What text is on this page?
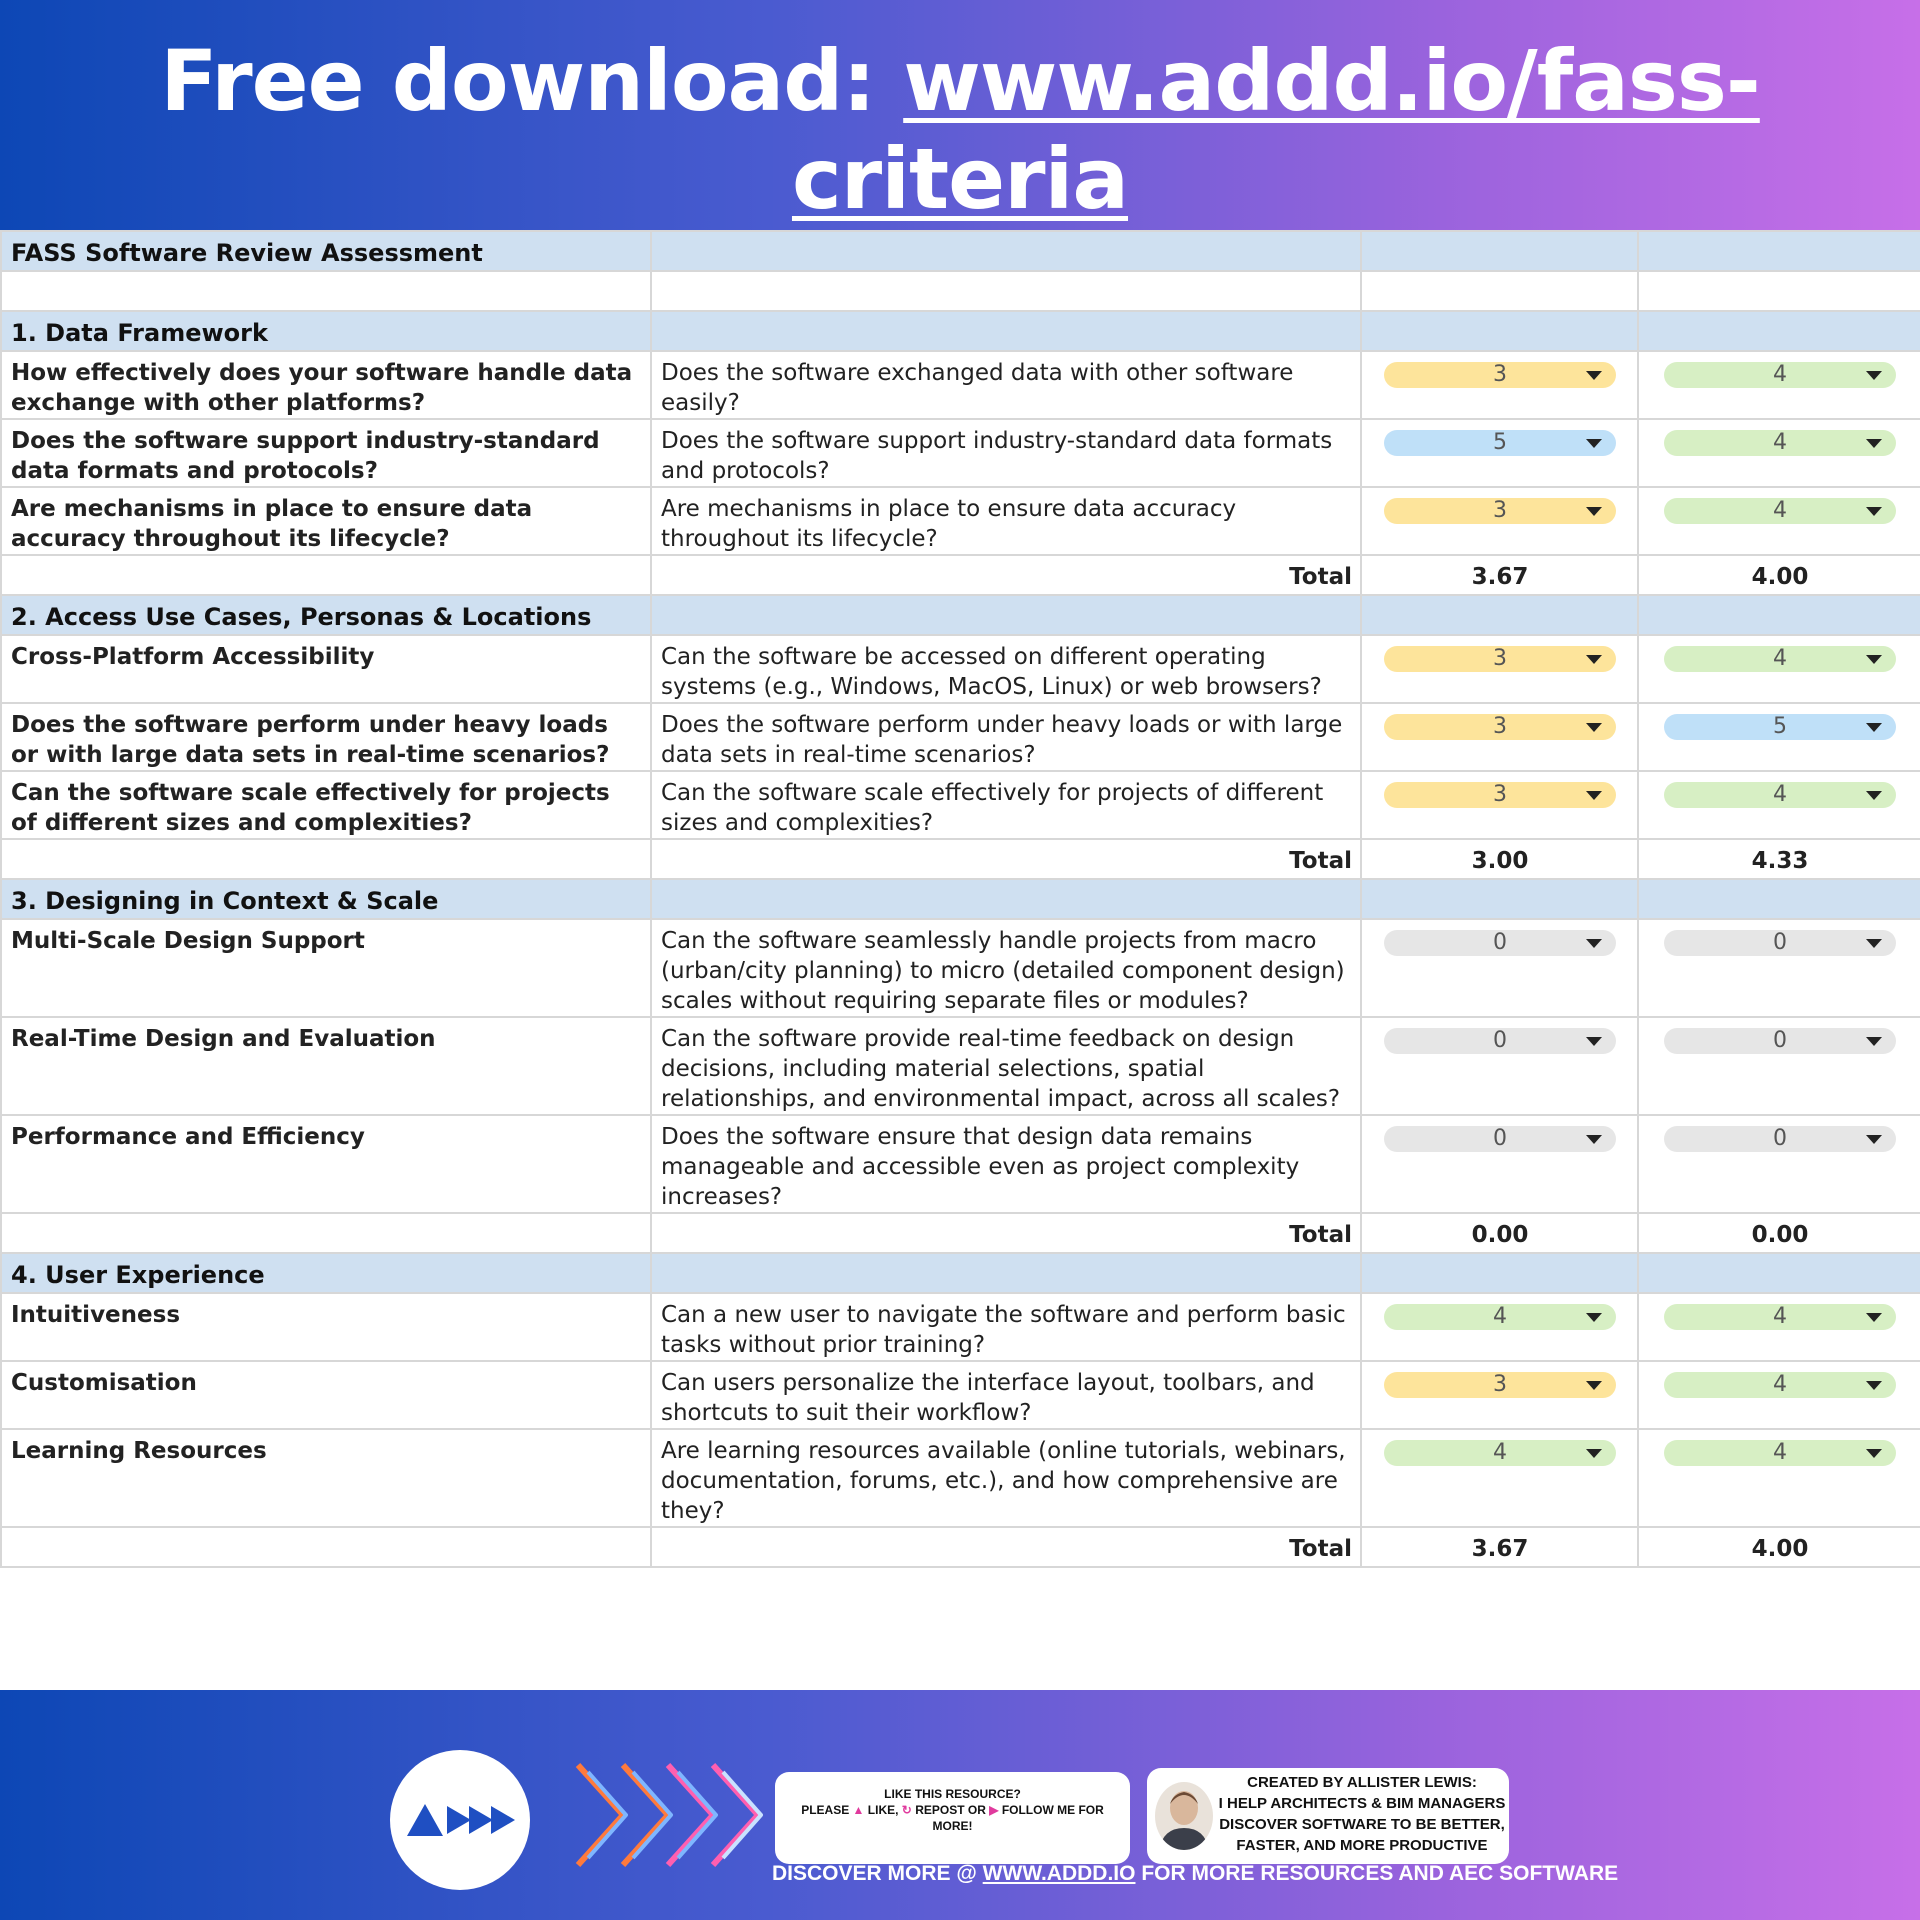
Free download: www.addd.io/fass-criteria
FASS Software Review Assessment			

1. Data Framework			
How effectively does your software handle data exchange with other platforms?	Does the software exchanged data with other software easily?	3	4

Does the software support industry-standard data formats and protocols?	Does the software support industry-standard data formats and protocols?	5	4

Are mechanisms in place to ensure data accuracy throughout its lifecycle?	Are mechanisms in place to ensure data accuracy throughout its lifecycle?	3	4

	Total	3.67	4.00
2. Access Use Cases, Personas & Locations			
Cross-Platform Accessibility	Can the software be accessed on different operating systems (e.g., Windows, MacOS, Linux) or web browsers?	3	4

Does the software perform under heavy loads or with large data sets in real-time scenarios?	Does the software perform under heavy loads or with large data sets in real-time scenarios?	3	5

Can the software scale effectively for projects of different sizes and complexities?	Can the software scale effectively for projects of different sizes and complexities?	3	4

	Total	3.00	4.33
3. Designing in Context & Scale			
Multi-Scale Design Support	Can the software seamlessly handle projects from macro (urban/city planning) to micro (detailed component design) scales without requiring separate files or modules?	0	0

Real-Time Design and Evaluation	Can the software provide real-time feedback on design decisions, including material selections, spatial relationships, and environmental impact, across all scales?	0	0

Performance and Efficiency	Does the software ensure that design data remains manageable and accessible even as project complexity increases?	0	0

	Total	0.00	0.00
4. User Experience			
Intuitiveness	Can a new user to navigate the software and perform basic tasks without prior training?	4	4

Customisation	Can users personalize the interface layout, toolbars, and shortcuts to suit their workflow?	3	4

Learning Resources	Are learning resources available (online tutorials, webinars, documentation, forums, etc.), and how comprehensive are they?	4	4

	Total	3.67	4.00
LIKE THIS RESOURCE?
PLEASE ▲ LIKE, ↻ REPOST OR ▶ FOLLOW ME FOR
MORE!
CREATED BY ALLISTER LEWIS:
I HELP ARCHITECTS & BIM MANAGERS
DISCOVER SOFTWARE TO BE BETTER,
FASTER, AND MORE PRODUCTIVE
DISCOVER MORE @ WWW.ADDD.IO FOR MORE RESOURCES AND AEC SOFTWARE
